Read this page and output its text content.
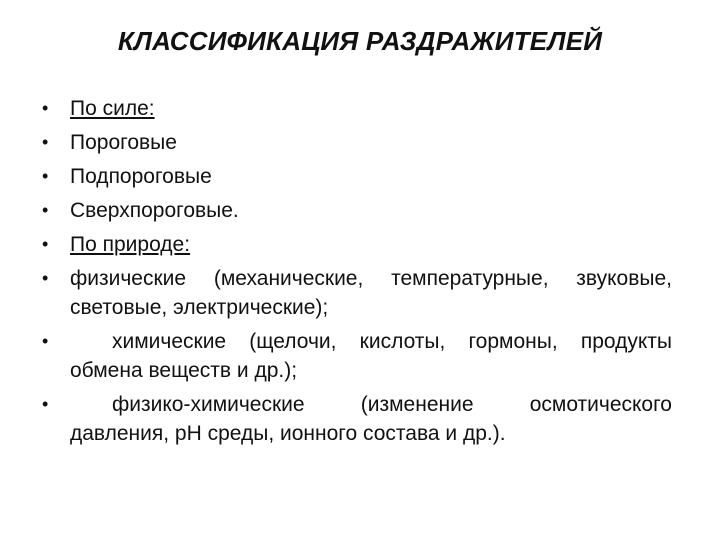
КЛАССИФИКАЦИЯ РАЗДРАЖИТЕЛЕЙ
• По силе:
• Пороговые
• Подпороговые
• Сверхпороговые.
• По природе:
• физические (механические, температурные, звуковые, световые, электрические);
•	химические (щелочи, кислоты, гормоны, продукты обмена веществ и др.);
•	физико-химические (изменение осмотического давления, pH среды, ионного состава и др.).
